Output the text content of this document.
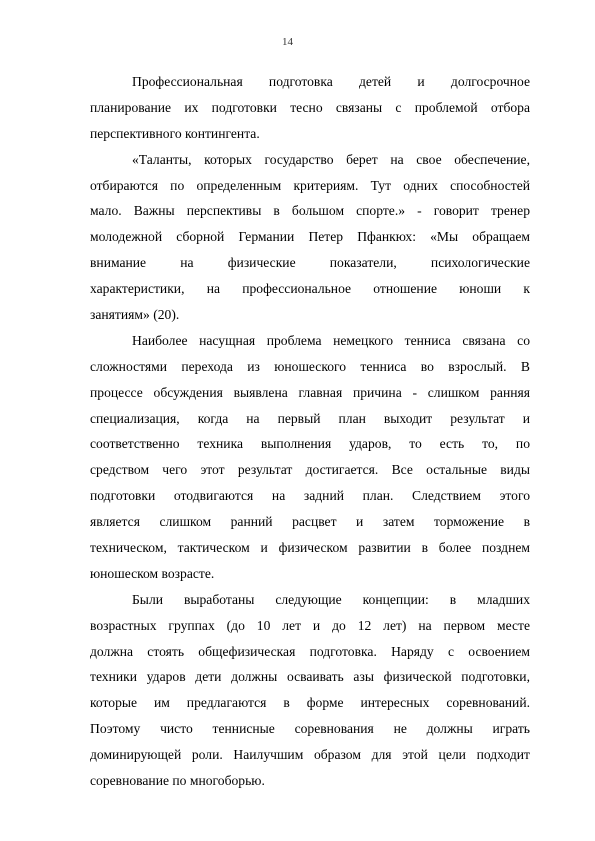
14

Профессиональная подготовка детей и долгосрочное
планирование их подготовки тесно связаны с проблемой отбора
перспективного контингента.

«Таланты, которых государство берет на свое обеспечение,
отбираются по определенным критериям. Тут одних способностей
мало. Важны перспективы в большом спорте.» - говорит тренер
молодежной сборной Германии Петер Пфанкюх: «Мы обращаем
внимание на физические показатели, психологические
характеристики, на профессиональное отношение юноши к
занятиям» (20).

Наиболее насущная проблема немецкого тенниса связана со
сложностями перехода из юношеского тенниса во взрослый. В
процессе обсуждения выявлена главная причина - слишком ранняя
специализация, когда на первый план выходит результат и
соответственно техника выполнения ударов, то есть то, по
средством чего этот результат достигается. Все остальные виды
подготовки отодвигаются на задний план. Следствием этого
является слишком ранний расцвет и затем торможение в
техническом, тактическом и физическом развитии в более позднем
юношеском возрасте.

Были выработаны следующие концепции: в младших
возрастных группах (до 10 лет и до 12 лет) на первом месте
должна стоять общефизическая подготовка. Наряду с освоением
техники ударов дети должны осваивать азы физической подготовки,
которые им предлагаются в форме интересных соревнований.
Поэтому чисто теннисные соревнования не должны играть
доминирующей роли. Наилучшим образом для этой цели подходит
соревнование по многоборью.
